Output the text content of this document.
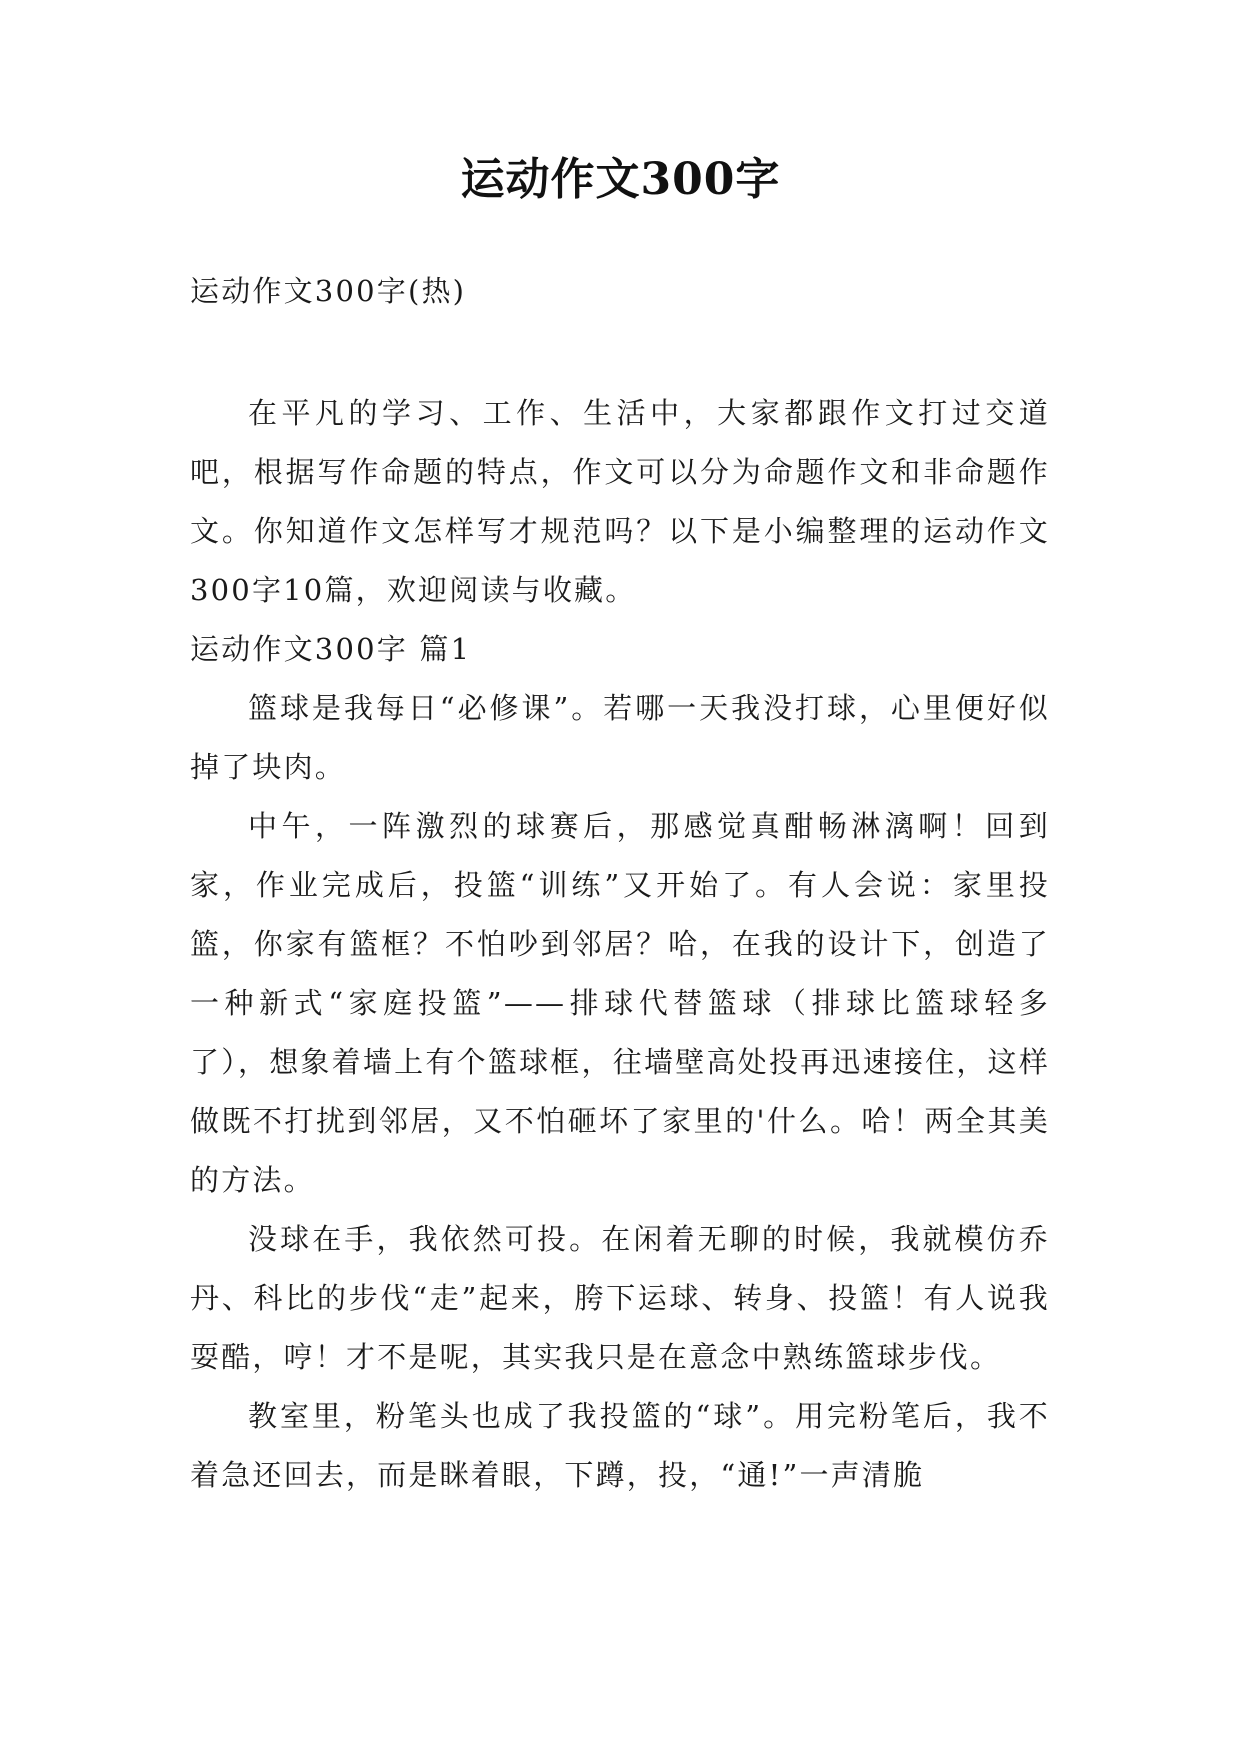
运动作文300字

运动作文300字(热)

在平凡的学习、工作、生活中，大家都跟作文打过交道吧，根据写作命题的特点，作文可以分为命题作文和非命题作文。你知道作文怎样写才规范吗？以下是小编整理的运动作文300字10篇，欢迎阅读与收藏。

运动作文300字 篇1

篮球是我每日“必修课”。若哪一天我没打球，心里便好似掉了块肉。

中午，一阵激烈的球赛后，那感觉真酣畅淋漓啊！回到家，作业完成后，投篮“训练”又开始了。有人会说：家里投篮，你家有篮框？不怕吵到邻居？哈，在我的设计下，创造了一种新式“家庭投篮”——排球代替篮球（排球比篮球轻多了），想象着墙上有个篮球框，往墙壁高处投再迅速接住，这样做既不打扰到邻居，又不怕砸坏了家里的'什么。哈！两全其美的方法。

没球在手，我依然可投。在闲着无聊的时候，我就模仿乔丹、科比的步伐“走”起来，胯下运球、转身、投篮！有人说我耍酷，哼！才不是呢，其实我只是在意念中熟练篮球步伐。

教室里，粉笔头也成了我投篮的“球”。用完粉笔后，我不着急还回去，而是眯着眼，下蹲，投，“通!”一声清脆
